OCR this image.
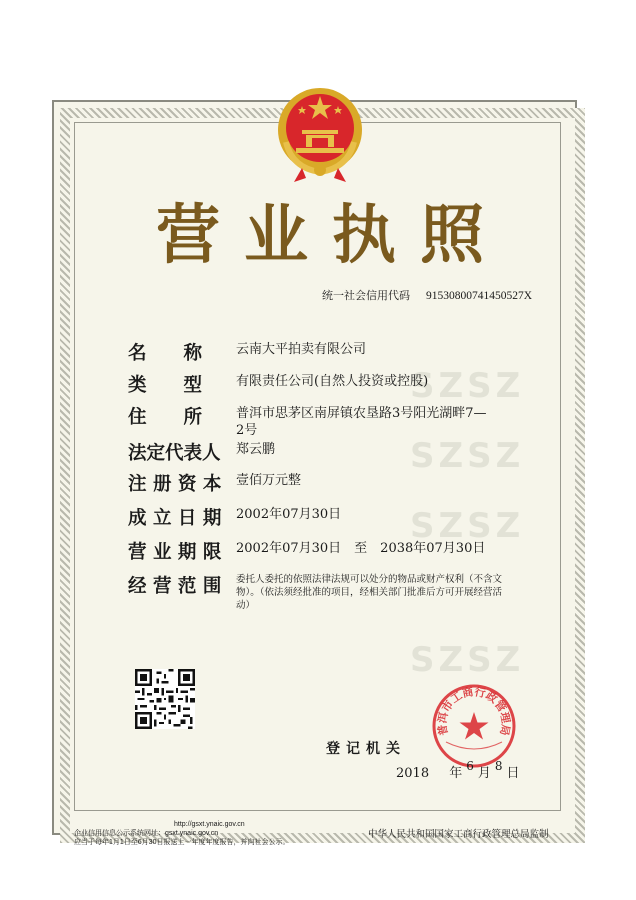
SZSZ
SZSZ
SZSZ
SZSZ
营 业 执 照
统一社会信用代码 91530800741450527X
名　　称	云南大平拍卖有限公司
类　　型	有限责任公司(自然人投资或控股)
住　　所	普洱市思茅区南屏镇农垦路3号阳光湖畔7—
2号
法定代表人 郑云鹏
注 册 资 本 壹佰万元整
成 立 日 期 2002年07月30日
营 业 期 限 2002年07月30日　至　2038年07月30日
经 营 范 围 委托人委托的依照法律法规可以处分的物品或财产权利（不含文物）。（依法须经批准的项目，经相关部门批准后方可开展经营活动）
普洱市工商行政管理局
登记机关
2018 年 6 月 8 日
http://gsxt.ynaic.gov.cn
企业信用信息公示系统网址：gsxt.ynaic.gov.cn
应当于每年1月1日至6月30日报送上一年度年度报告，并向社会公示。
中华人民共和国国家工商行政管理总局监制
